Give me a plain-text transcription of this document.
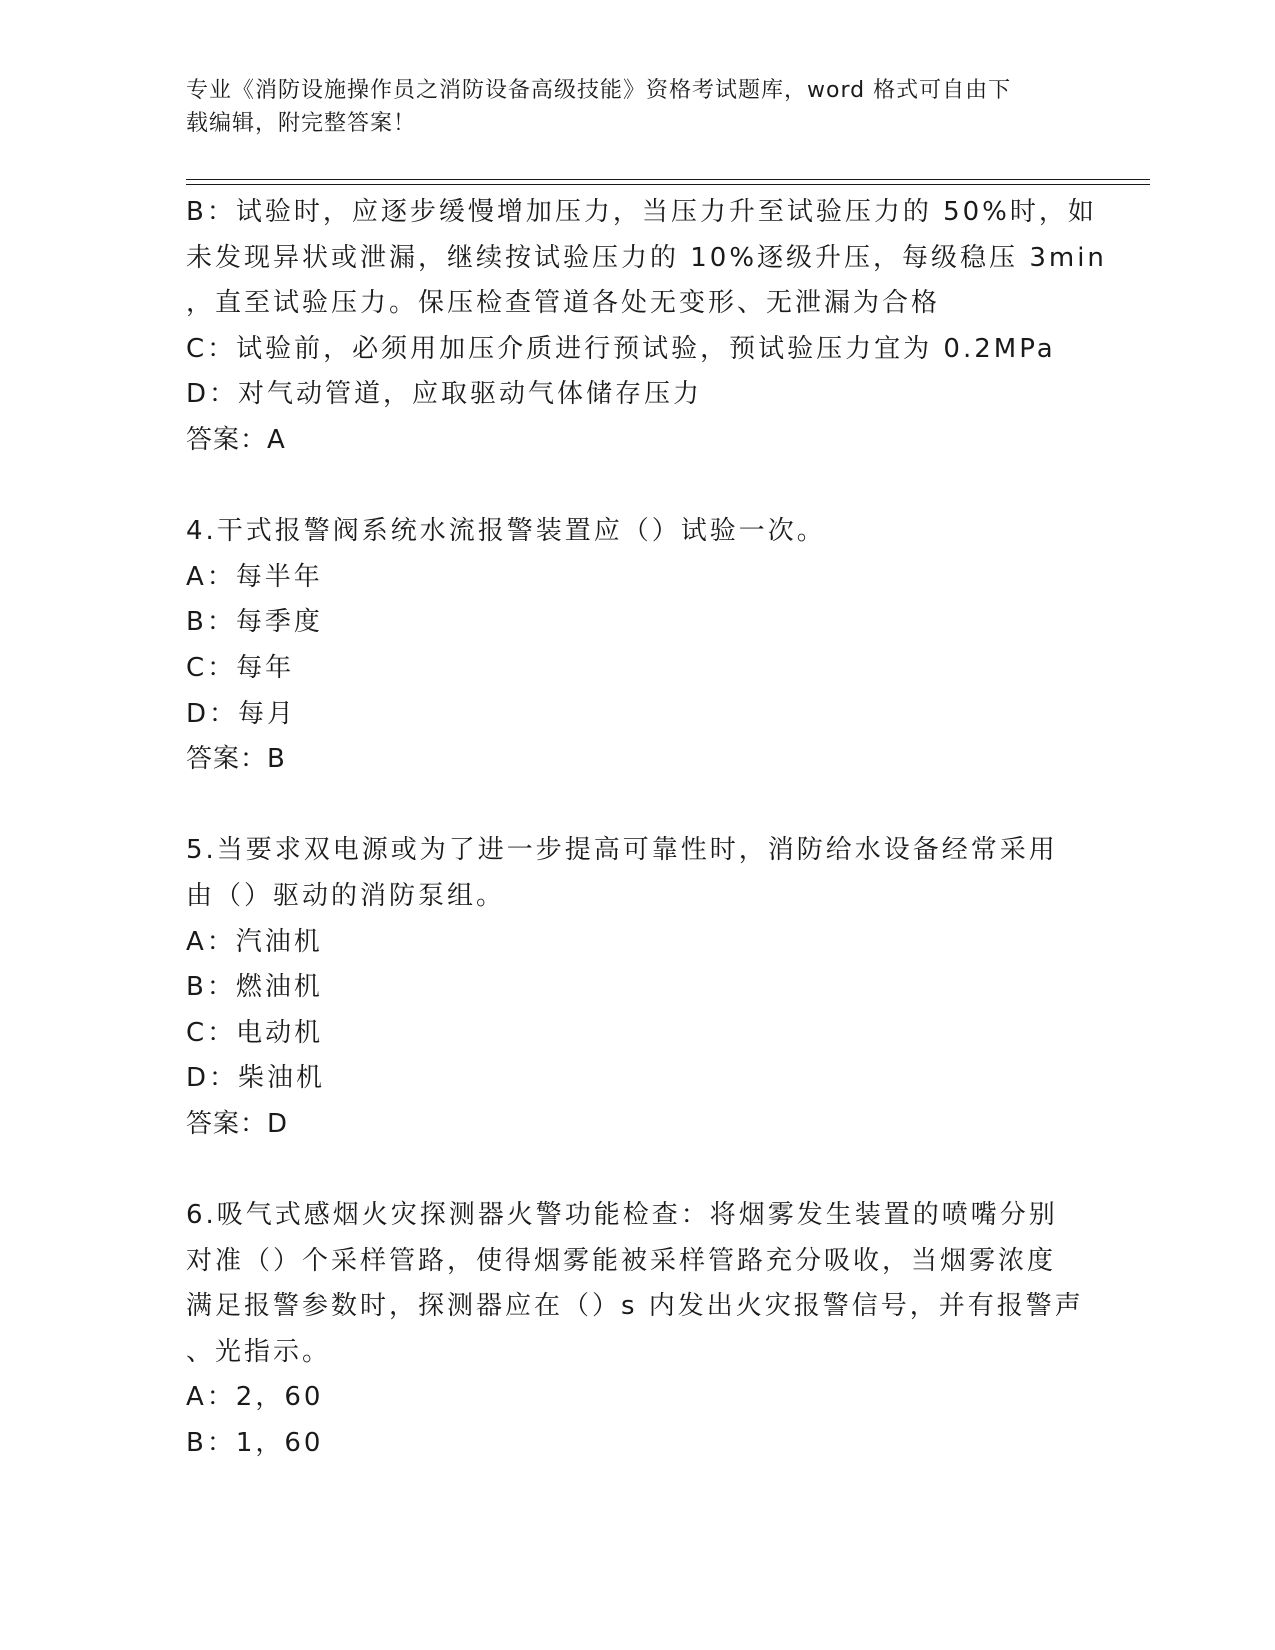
专业《消防设施操作员之消防设备高级技能》资格考试题库，word 格式可自由下
载编辑，附完整答案！
B：试验时，应逐步缓慢增加压力，当压力升至试验压力的 50%时，如
未发现异状或泄漏，继续按试验压力的 10%逐级升压，每级稳压 3min
，直至试验压力。保压检查管道各处无变形、无泄漏为合格
C：试验前，必须用加压介质进行预试验，预试验压力宜为 0.2MPa
D：对气动管道，应取驱动气体储存压力
答案：A
4.干式报警阀系统水流报警装置应（）试验一次。
A：每半年
B：每季度
C：每年
D：每月
答案：B
5.当要求双电源或为了进一步提高可靠性时，消防给水设备经常采用
由（）驱动的消防泵组。
A：汽油机
B：燃油机
C：电动机
D：柴油机
答案：D
6.吸气式感烟火灾探测器火警功能检查：将烟雾发生装置的喷嘴分别
对准（）个采样管路，使得烟雾能被采样管路充分吸收，当烟雾浓度
满足报警参数时，探测器应在（）s 内发出火灾报警信号，并有报警声
、光指示。
A：2，60
B：1，60
